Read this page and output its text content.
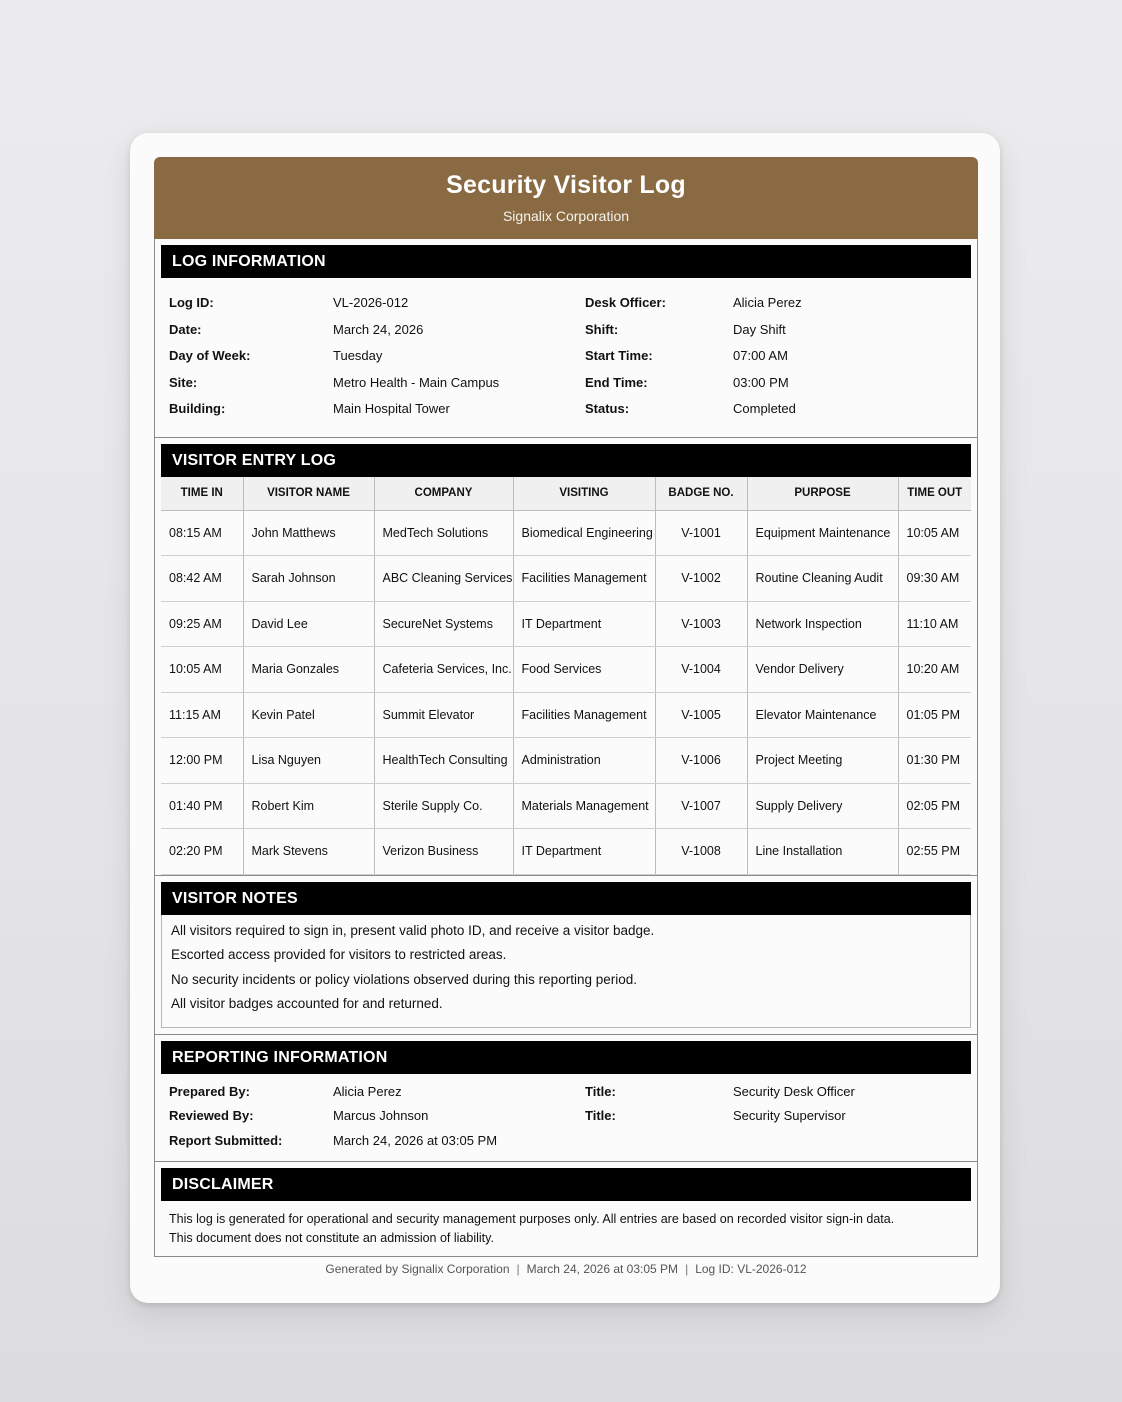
Security Visitor Log
Signalix Corporation
LOG INFORMATION
Log ID:	VL-2026-012	Desk Officer:	Alicia Perez
Date:	March 24, 2026	Shift:	Day Shift
Day of Week:	Tuesday	Start Time:	07:00 AM
Site:	Metro Health - Main Campus	End Time:	03:00 PM
Building:	Main Hospital Tower	Status:	Completed
VISITOR ENTRY LOG
TIME IN	VISITOR NAME	COMPANY	VISITING	BADGE NO.	PURPOSE	TIME OUT
08:15 AM	John Matthews	MedTech Solutions	Biomedical Engineering	V-1001	Equipment Maintenance	10:05 AM
08:42 AM	Sarah Johnson	ABC Cleaning Services	Facilities Management	V-1002	Routine Cleaning Audit	09:30 AM
09:25 AM	David Lee	SecureNet Systems	IT Department	V-1003	Network Inspection	11:10 AM
10:05 AM	Maria Gonzales	Cafeteria Services, Inc.	Food Services	V-1004	Vendor Delivery	10:20 AM
11:15 AM	Kevin Patel	Summit Elevator	Facilities Management	V-1005	Elevator Maintenance	01:05 PM
12:00 PM	Lisa Nguyen	HealthTech Consulting	Administration	V-1006	Project Meeting	01:30 PM
01:40 PM	Robert Kim	Sterile Supply Co.	Materials Management	V-1007	Supply Delivery	02:05 PM
02:20 PM	Mark Stevens	Verizon Business	IT Department	V-1008	Line Installation	02:55 PM
VISITOR NOTES
All visitors required to sign in, present valid photo ID, and receive a visitor badge.
Escorted access provided for visitors to restricted areas.
No security incidents or policy violations observed during this reporting period.
All visitor badges accounted for and returned.
REPORTING INFORMATION
Prepared By:	Alicia Perez	Title:	Security Desk Officer
Reviewed By:	Marcus Johnson	Title:	Security Supervisor
Report Submitted:	March 24, 2026 at 03:05 PM
DISCLAIMER
This log is generated for operational and security management purposes only. All entries are based on recorded visitor sign-in data.
This document does not constitute an admission of liability.
Generated by Signalix Corporation | March 24, 2026 at 03:05 PM | Log ID: VL-2026-012
